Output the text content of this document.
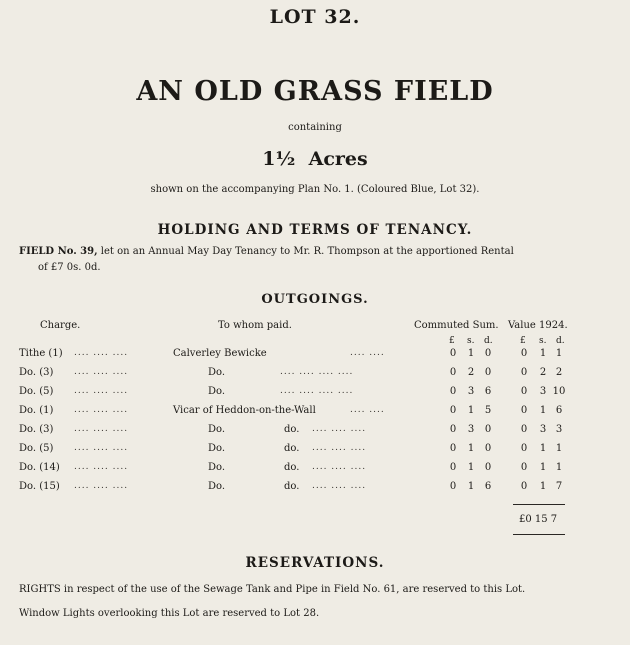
LOT 32.
AN OLD GRASS FIELD
containing
1½ Acres
shown on the accompanying Plan No. 1. (Coloured Blue, Lot 32).
HOLDING AND TERMS OF TENANCY.
FIELD No. 39, let on an Annual May Day Tenancy to Mr. R. Thompson at the apportioned Rental
of £7 0s. 0d.
OUTGOINGS.
Charge.	To whom paid.	Commuted Sum. Value 1924.
£ s. d.	£ s. d.
Tithe (1) .... .... ....	Calverley Bewicke	.... ....	0	1	0	0	1 1
Do. (3) .... .... ....	Do.	.... .... .... ....	0	2	0	0	2 2
Do. (5) .... .... ....	Do.	.... .... .... ....	0	3	6	0	3 10
Do. (1) .... .... ....	Vicar of Heddon-on-the-Wall	.... ....	0	1	5	0	1 6
Do. (3) .... .... ....	Do.	do. .... .... ....	0	3	0	0	3 3
Do. (5) .... .... ....	Do.	do. .... .... ....	0	1	0	0	1 1
Do. (14) .... .... ....	Do.	do. .... .... ....	0	1	0	0	1 1
Do. (15) .... .... ....	Do.	do. .... .... ....	0	1	6	0	1 7
£0 15 7
RESERVATIONS.
RIGHTS in respect of the use of the Sewage Tank and Pipe in Field No. 61, are reserved to this Lot.
Window Lights overlooking this Lot are reserved to Lot 28.
